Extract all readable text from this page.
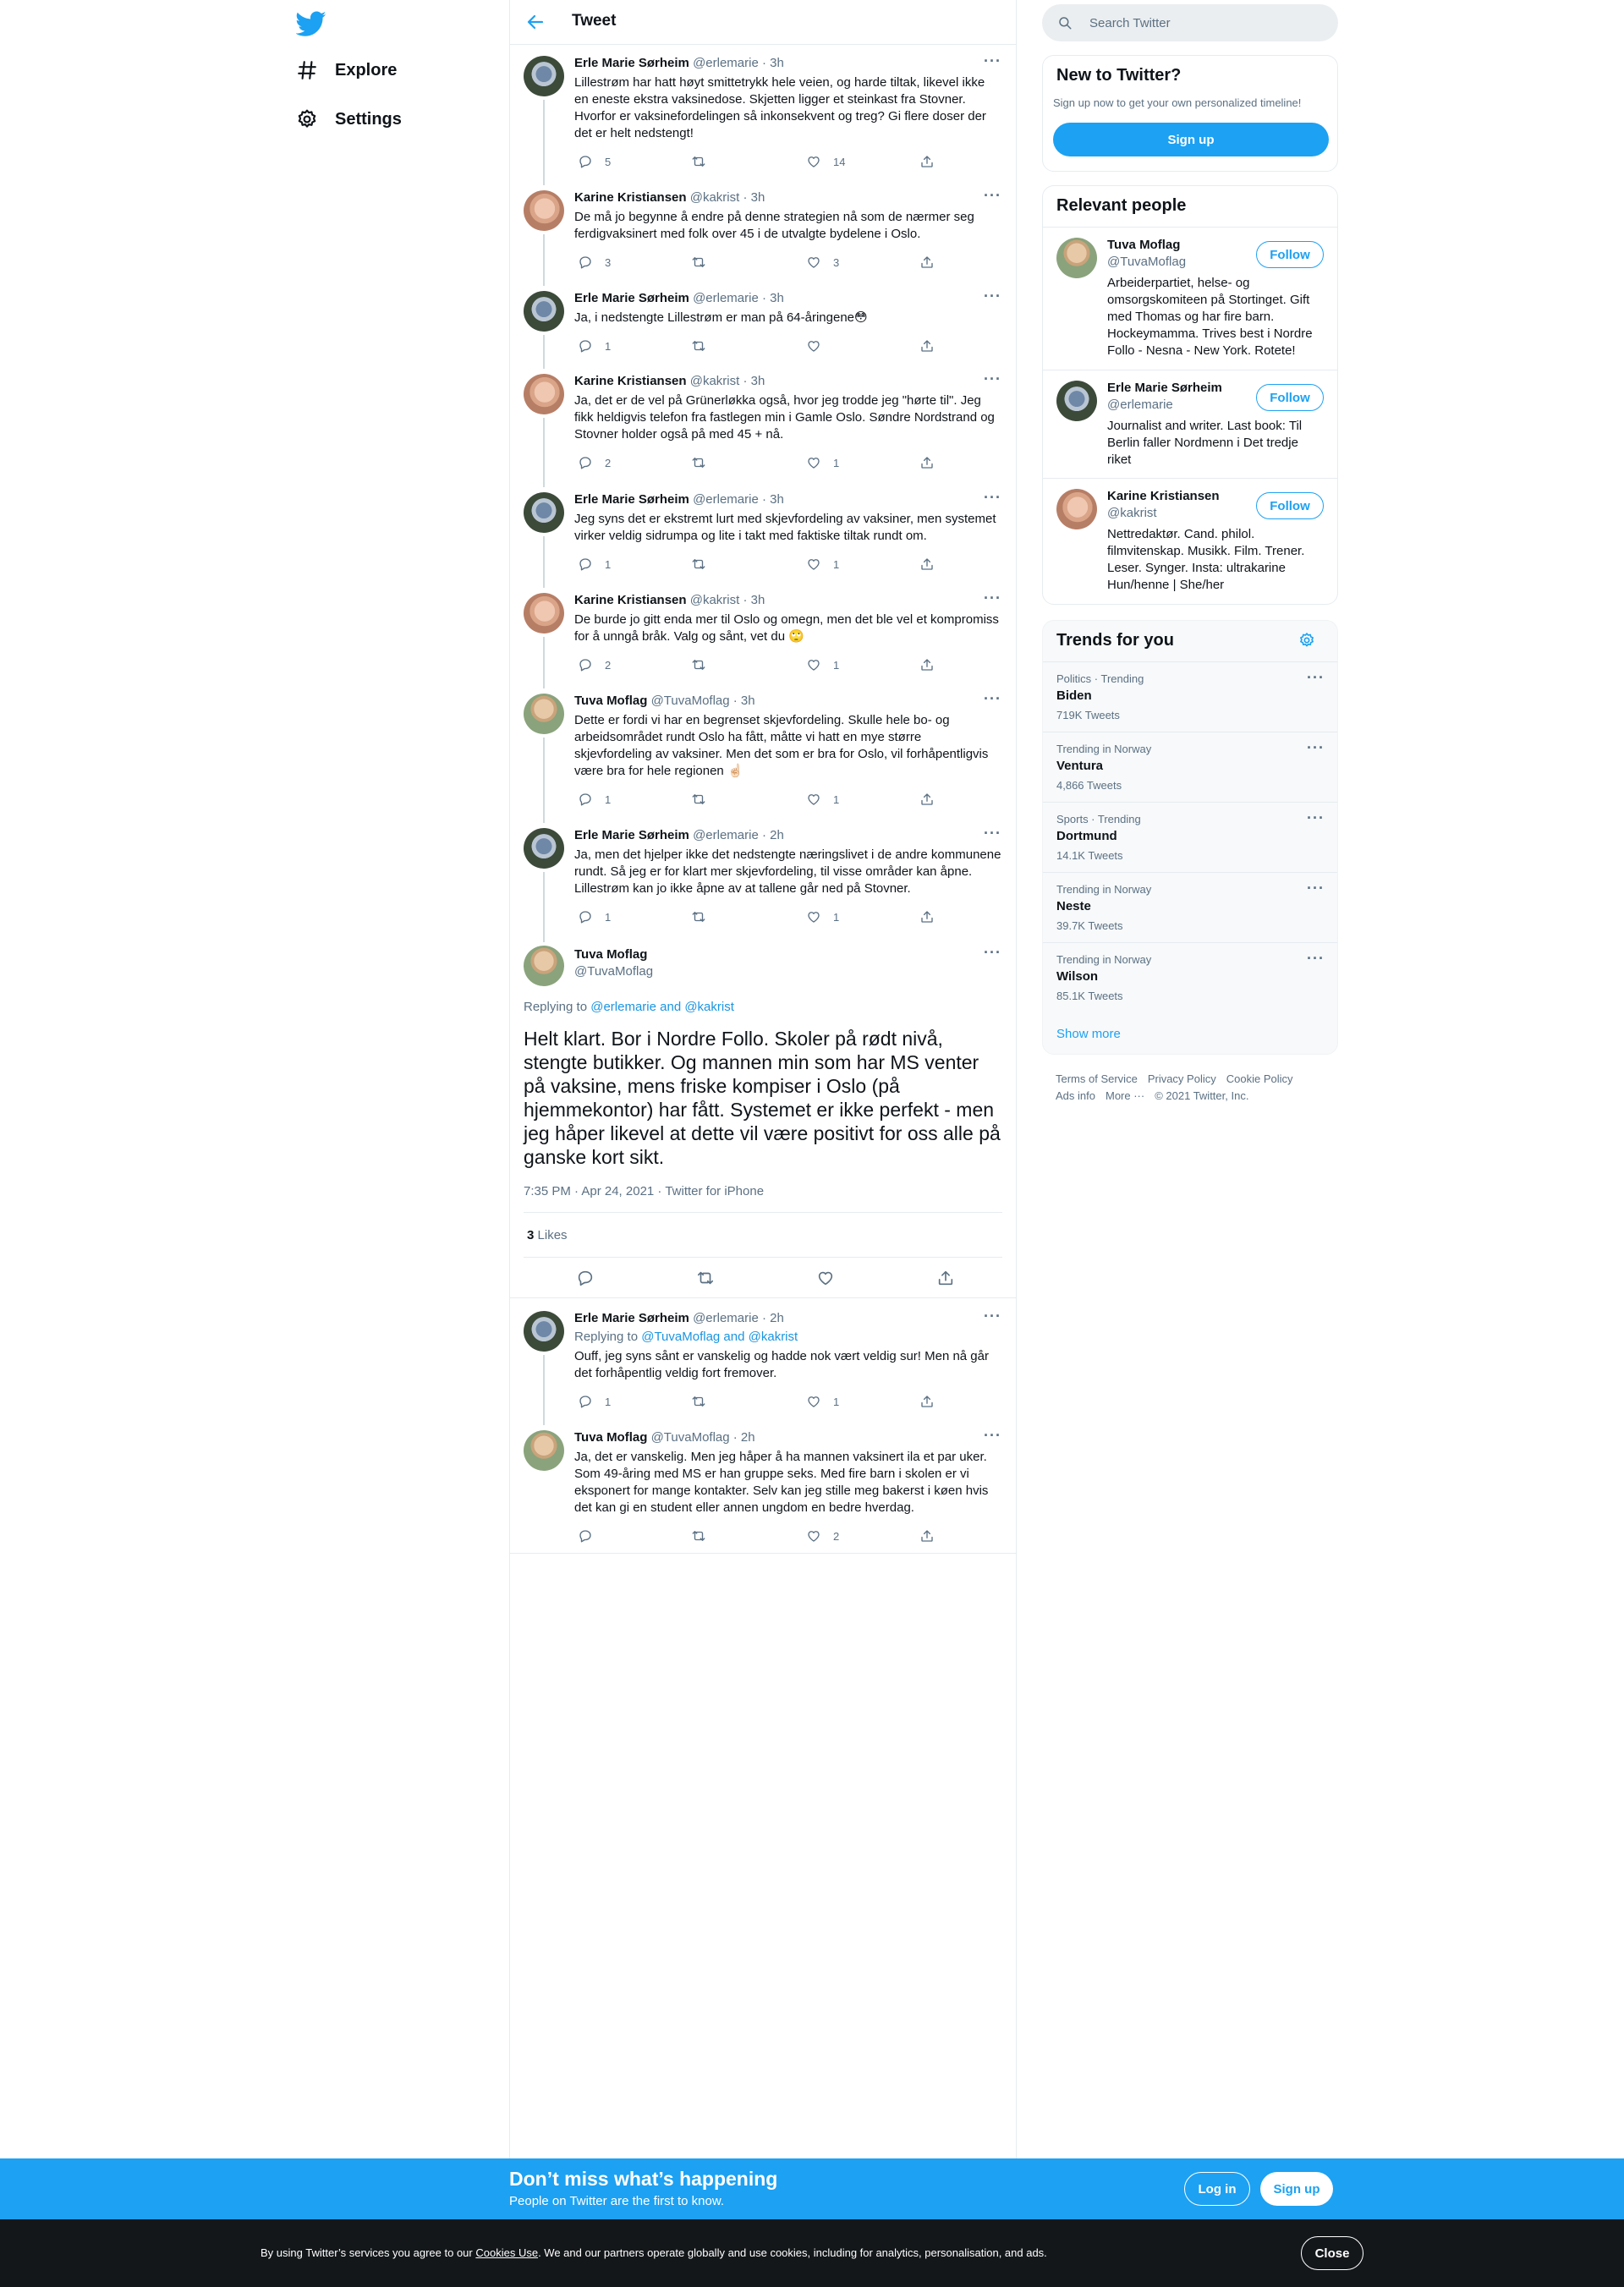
Explore
Settings
Tweet
Erle Marie Sørheim @erlemarie · 3h	···
Lillestrøm har hatt høyt smittetrykk hele veien, og harde tiltak, likevel ikke en eneste ekstra vaksinedose. Skjetten ligger et steinkast fra Stovner. Hvorfor er vaksinefordelingen så inkonsekvent og treg? Gi flere doser der det er helt nedstengt!
5	14
Karine Kristiansen @kakrist · 3h	···
De må jo begynne å endre på denne strategien nå som de nærmer seg ferdigvaksinert med folk over 45 i de utvalgte bydelene i Oslo.
3	3
Erle Marie Sørheim @erlemarie · 3h	···
Ja, i nedstengte Lillestrøm er man på 64-åringene😳
1
Karine Kristiansen @kakrist · 3h	···
Ja, det er de vel på Grünerløkka også, hvor jeg trodde jeg "hørte til". Jeg fikk heldigvis telefon fra fastlegen min i Gamle Oslo. Søndre Nordstrand og Stovner holder også på med 45 + nå.
2	1
Erle Marie Sørheim @erlemarie · 3h	···
Jeg syns det er ekstremt lurt med skjevfordeling av vaksiner, men systemet virker veldig sidrumpa og lite i takt med faktiske tiltak rundt om.
1	1
Karine Kristiansen @kakrist · 3h	···
De burde jo gitt enda mer til Oslo og omegn, men det ble vel et kompromiss for å unngå bråk. Valg og sånt, vet du 🙄
2	1
Tuva Moflag @TuvaMoflag · 3h	···
Dette er fordi vi har en begrenset skjevfordeling. Skulle hele bo- og arbeidsområdet rundt Oslo ha fått, måtte vi hatt en mye større skjevfordeling av vaksiner. Men det som er bra for Oslo, vil forhåpentligvis være bra for hele regionen ☝🏻
1	1
Erle Marie Sørheim @erlemarie · 2h	···
Ja, men det hjelper ikke det nedstengte næringslivet i de andre kommunene rundt. Så jeg er for klart mer skjevfordeling, til visse områder kan åpne. Lillestrøm kan jo ikke åpne av at tallene går ned på Stovner.
1	1
Tuva Moflag
@TuvaMoflag
···
Replying to @erlemarie and @kakrist
Helt klart. Bor i Nordre Follo. Skoler på rødt nivå, stengte butikker. Og mannen min som har MS venter på vaksine, mens friske kompiser i Oslo (på hjemmekontor) har fått. Systemet er ikke perfekt - men jeg håper likevel at dette vil være positivt for oss alle på ganske kort sikt.
7:35 PM · Apr 24, 2021 · Twitter for iPhone
3 Likes
Erle Marie Sørheim @erlemarie · 2h	···
Replying to @TuvaMoflag and @kakrist
Ouff, jeg syns sånt er vanskelig og hadde nok vært veldig sur! Men nå går det forhåpentlig veldig fort fremover.
1	1
Tuva Moflag @TuvaMoflag · 2h	···
Ja, det er vanskelig. Men jeg håper å ha mannen vaksinert ila et par uker. Som 49-åring med MS er han gruppe seks. Med fire barn i skolen er vi eksponert for mange kontakter. Selv kan jeg stille meg bakerst i køen hvis det kan gi en student eller annen ungdom en bedre hverdag.
2
Search Twitter
New to Twitter?
Sign up now to get your own personalized timeline!
Sign up
Relevant people
Tuva Moflag
@TuvaMoflag	Follow
Arbeiderpartiet, helse- og omsorgskomiteen på Stortinget. Gift med Thomas og har fire barn. Hockeymamma. Trives best i Nordre Follo - Nesna - New York. Rotete!
Erle Marie Sørheim
@erlemarie	Follow
Journalist and writer. Last book: Til Berlin faller Nordmenn i Det tredje riket
Karine Kristiansen
@kakrist	Follow
Nettredaktør. Cand. philol. filmvitenskap. Musikk. Film. Trener. Leser. Synger. Insta: ultrakarine Hun/henne | She/her
Trends for you
Politics · Trending
Biden
719K Tweets
···
Trending in Norway
Ventura
4,866 Tweets
···
Sports · Trending
Dortmund
14.1K Tweets
···
Trending in Norway
Neste
39.7K Tweets
···
Trending in Norway
Wilson
85.1K Tweets
···
Show more
Terms of Service Privacy Policy Cookie Policy
Ads info More ··· © 2021 Twitter, Inc.
Don’t miss what’s happening
People on Twitter are the first to know.
Log in	Sign up
By using Twitter’s services you agree to our Cookies Use. We and our partners operate globally and use cookies, including for analytics, personalisation, and ads.	Close
